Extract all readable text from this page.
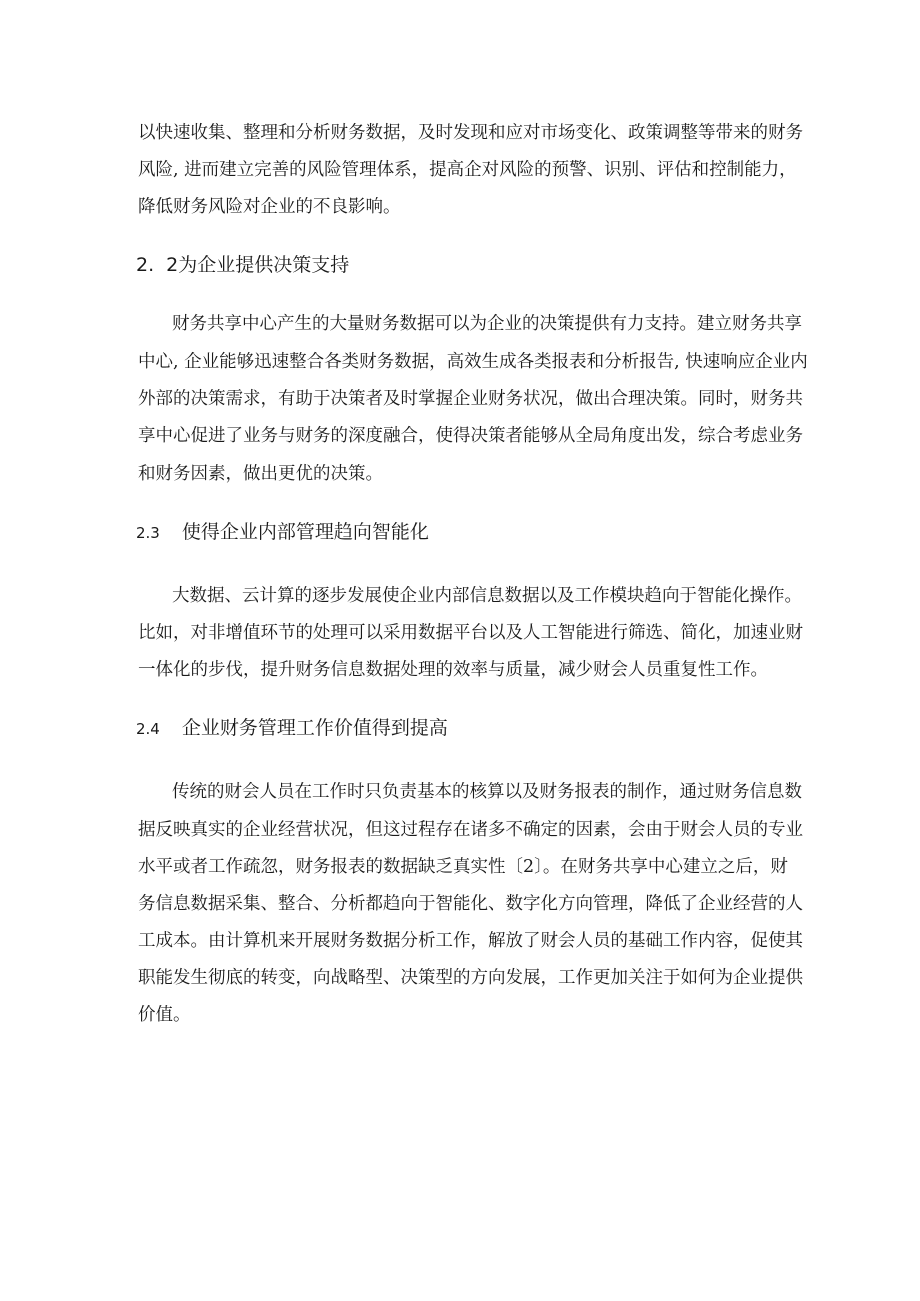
以快速收集、整理和分析财务数据，及时发现和应对市场变化、政策调整等带来的财务
风险, 进而建立完善的风险管理体系，提高企对风险的预警、识别、评估和控制能力，
降低财务风险对企业的不良影响。
2. 2为企业提供决策支持
财务共享中心产生的大量财务数据可以为企业的决策提供有力支持。建立财务共享
中心, 企业能够迅速整合各类财务数据，高效生成各类报表和分析报告, 快速响应企业内
外部的决策需求，有助于决策者及时掌握企业财务状况，做出合理决策。同时，财务共
享中心促进了业务与财务的深度融合，使得决策者能够从全局角度出发，综合考虑业务
和财务因素，做出更优的决策。
2.3 使得企业内部管理趋向智能化
大数据、云计算的逐步发展使企业内部信息数据以及工作模块趋向于智能化操作。
比如，对非增值环节的处理可以采用数据平台以及人工智能进行筛选、简化，加速业财
一体化的步伐，提升财务信息数据处理的效率与质量，减少财会人员重复性工作。
2.4 企业财务管理工作价值得到提高
传统的财会人员在工作时只负责基本的核算以及财务报表的制作，通过财务信息数
据反映真实的企业经营状况，但这过程存在诸多不确定的因素，会由于财会人员的专业
水平或者工作疏忽，财务报表的数据缺乏真实性〔2〕。在财务共享中心建立之后，财
务信息数据采集、整合、分析都趋向于智能化、数字化方向管理，降低了企业经营的人
工成本。由计算机来开展财务数据分析工作，解放了财会人员的基础工作内容，促使其
职能发生彻底的转变，向战略型、决策型的方向发展，工作更加关注于如何为企业提供
价值。
